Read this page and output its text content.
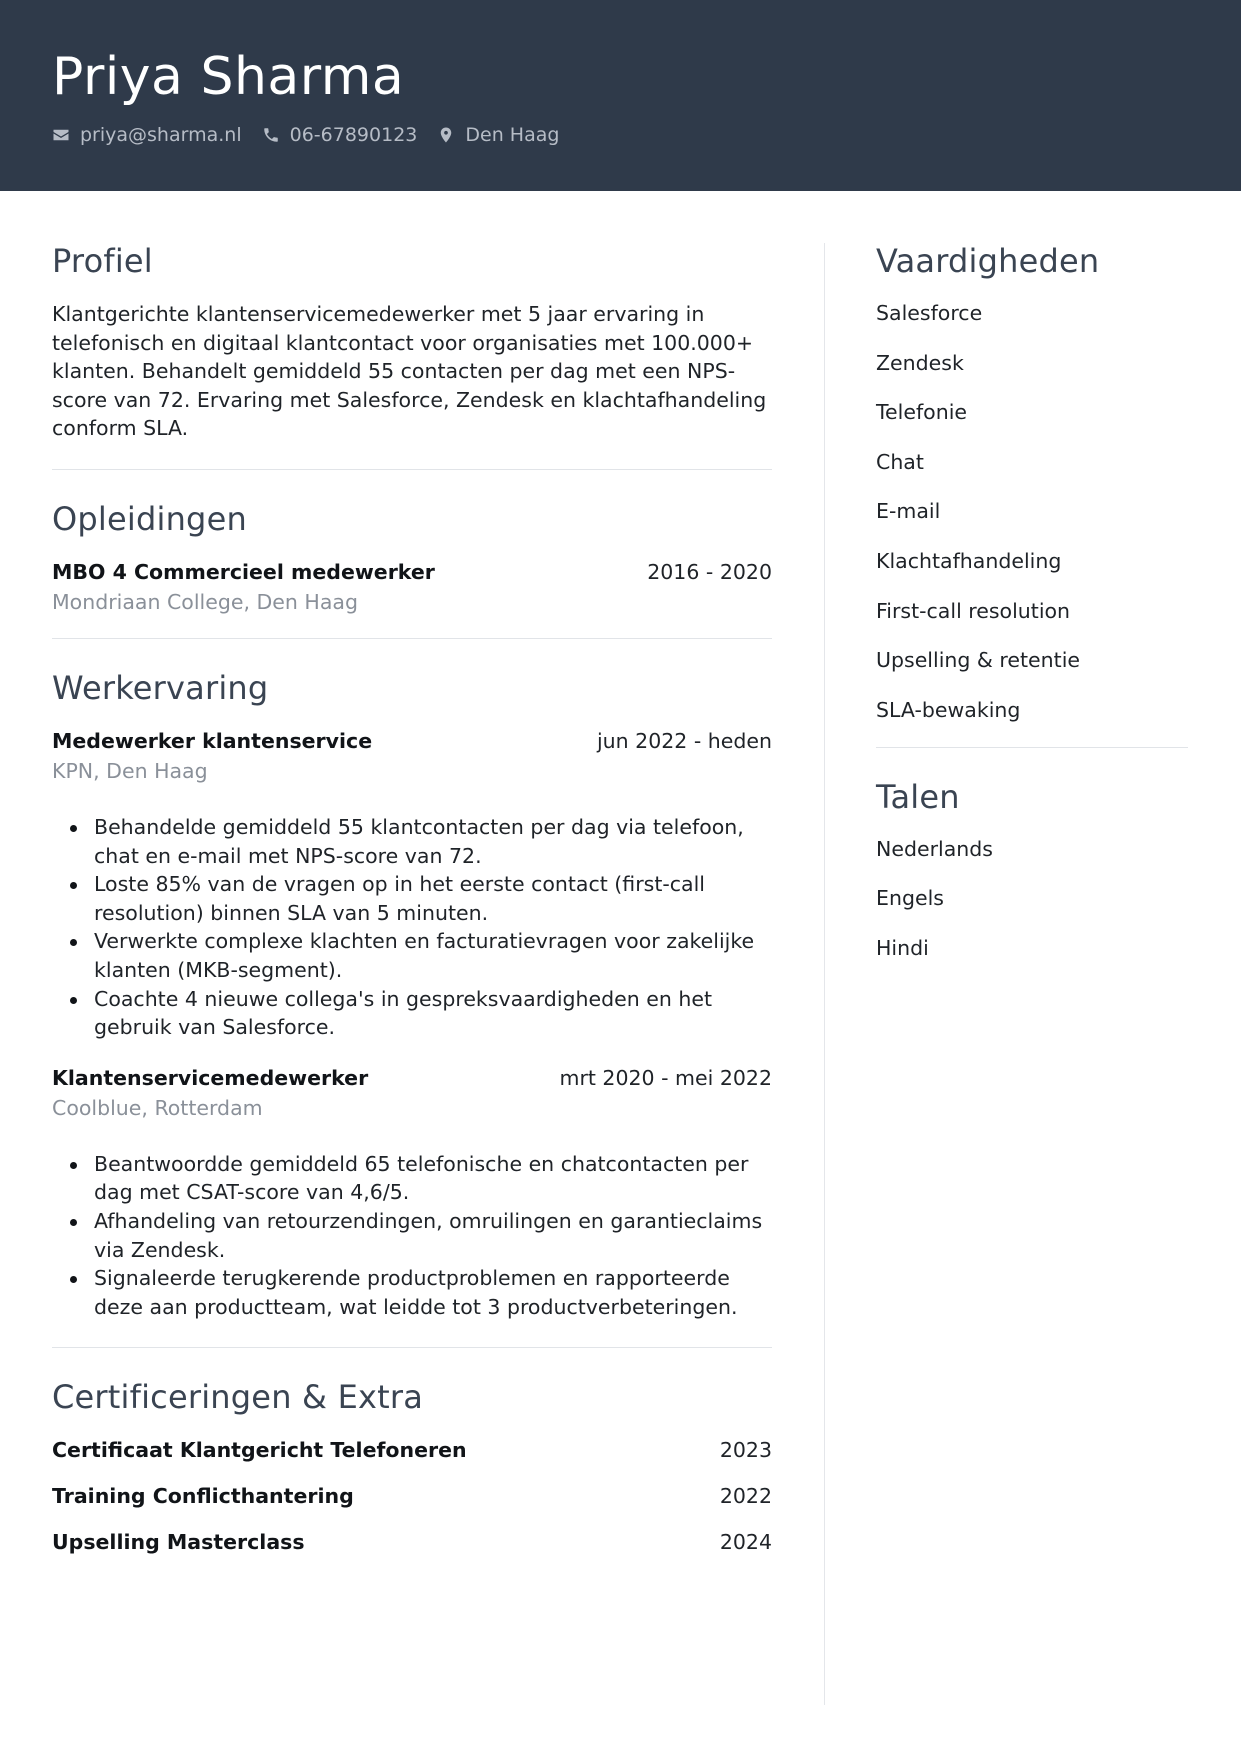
Priya Sharma
priya@sharma.nl	06-67890123	Den Haag
Profiel
Klantgerichte klantenservicemedewerker met 5 jaar ervaring in telefonisch en digitaal klantcontact voor organisaties met 100.000+ klanten. Behandelt gemiddeld 55 contacten per dag met een NPS-score van 72. Ervaring met Salesforce, Zendesk en klachtafhandeling conform SLA.
Opleidingen
MBO 4 Commercieel medewerker	2016 - 2020
Mondriaan College, Den Haag
Werkervaring
Medewerker klantenservice	jun 2022 - heden
KPN, Den Haag
Behandelde gemiddeld 55 klantcontacten per dag via telefoon, chat en e-mail met NPS-score van 72.
Loste 85% van de vragen op in het eerste contact (first-call resolution) binnen SLA van 5 minuten.
Verwerkte complexe klachten en facturatievragen voor zakelijke klanten (MKB-segment).
Coachte 4 nieuwe collega's in gespreksvaardigheden en het gebruik van Salesforce.
Klantenservicemedewerker	mrt 2020 - mei 2022
Coolblue, Rotterdam
Beantwoordde gemiddeld 65 telefonische en chatcontacten per dag met CSAT-score van 4,6/5.
Afhandeling van retourzendingen, omruilingen en garantieclaims via Zendesk.
Signaleerde terugkerende productproblemen en rapporteerde deze aan productteam, wat leidde tot 3 productverbeteringen.
Certificeringen & Extra
Certificaat Klantgericht Telefoneren	2023
Training Conflicthantering	2022
Upselling Masterclass	2024
Vaardigheden
Salesforce
Zendesk
Telefonie
Chat
E-mail
Klachtafhandeling
First-call resolution
Upselling & retentie
SLA-bewaking
Talen
Nederlands
Engels
Hindi
